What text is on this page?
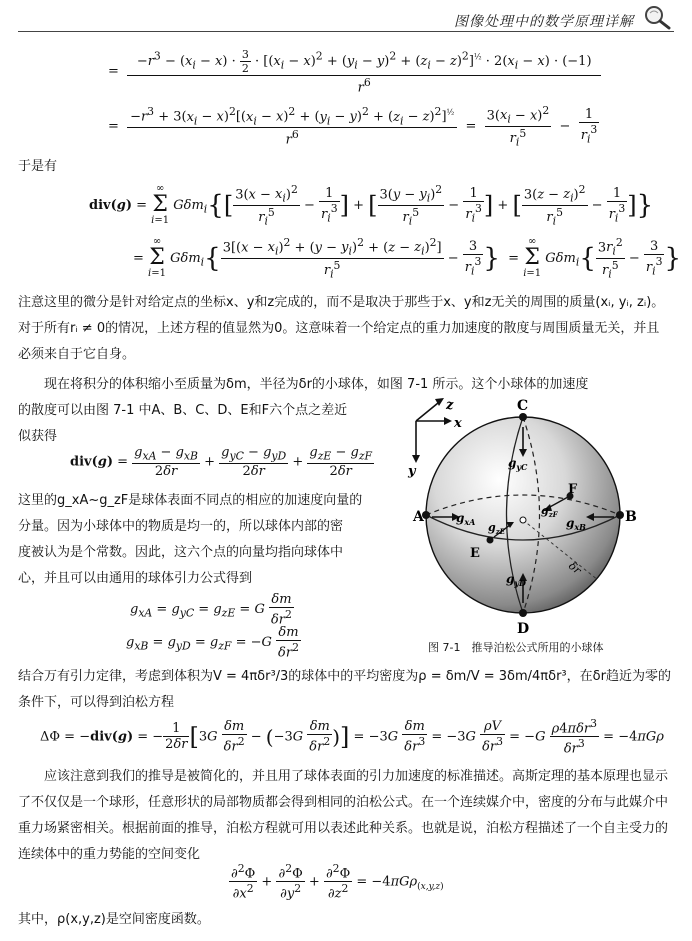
图像处理中的数学原理详解
=
$-r^3 - (x_i - x) \cdot \frac{3}{2} \cdot [(x_i - x)^2 + (y_i - y)^2 + (z_i - z)^2]^{\frac{1}{2}} \cdot 2(x_i - x) \cdot (-1)$
$r^6$
= $\frac{-r^3 + 3(x_i - x)^2[(x_i - x)^2 + (y_i - y)^2 + (z_i - z)^2]^{\frac{1}{2}}}{r^6} = \frac{3(x_i - x)^2}{r_i^5} - \frac{1}{r_i^3}$
于是有
div(g) = ∞
Σ
i=1 $G\delta m_i\{[ \frac{3(x - x_i)^2}{r_i^5} - \frac{1}{r_i^3}$ ] + [ $\frac{3(y - y_i)^2}{r_i^5} - \frac{1}{r_i^3}$ ] + [ $\frac{3(z - z_i)^2}{r_i^5} - \frac{1}{r_i^3}$ ]}
= ∞
Σ
i=1 $G\delta m_i\{ \frac{3[(x - x_i)^2 + (y - y_i)^2 + (z - z_i)^2]}{r_i^5} - \frac{3}{r_i^3}$ }  = ∞
Σ
i=1 $G\delta m_i\{ \frac{3r_i^2}{r_i^5} - \frac{3}{r_i^3}$ }
注意这里的微分是针对给定点的坐标x、y和z完成的，而不是取决于那些于x、y和z无关的周围的质量(xᵢ, yᵢ, zᵢ)。对于所有rᵢ ≠ 0的情况，上述方程的值显然为0。这意味着一个给定点的重力加速度的散度与周围质量无关，并且必须来自于它自身。
现在将积分的体积缩小至质量为δm，半径为δr的小球体，如图 7-1 所示。这个小球体的加速度
的散度可以由图 7-1 中A、B、C、D、E和F六个点之差近
似获得
$div(g) = \frac{g_{xA} - g_{xB}}{2\delta r} + \frac{g_{yC} - g_{yD}}{2\delta r} + \frac{g_{zE} - g_{zF}}{2\delta r}$
这里的g_xA~g_zF是球体表面不同点的相应的加速度向量的
分量。因为小球体中的物质是均一的，所以球体内部的密
度被认为是个常数。因此，这六个点的向量均指向球体中
心，并且可以由通用的球体引力公式得到
$g_{xA} = g_{yC} = g_{zE} = G \frac{\delta m}{\delta r^2}$
$g_{xB} = g_{yD} = g_{zF} = -G \frac{\delta m}{\delta r^2}$
z
x
y
δr
C
D
A	B
E
F
$g_{yC}$
$g_{xA}$ $g_{zE}$
$g_{zF}$
$g_{xB}$
$g_{yD}$
图 7-1　推导泊松公式所用的小球体
结合万有引力定律，考虑到体积为V = 4πδr³/3的球体中的平均密度为ρ = δm/V = 3δm/4πδr³，在δr趋近为零的条件下，可以得到泊松方程
ΔΦ = −div(g) = − $\frac{1}{2\delta r} [3G \frac{\delta m}{\delta r^2} - (-3G \frac{\delta m}{\delta r^2}$ )] = $-3G \frac{\delta m}{\delta r^3} = -3G \frac{\rho V}{\delta r^3} = -G \frac{\rho 4\pi\delta r^3}{\delta r^3} = -4\pi G\rho$
应该注意到我们的推导是被简化的，并且用了球体表面的引力加速度的标准描述。高斯定理的基本原理也显示了不仅仅是一个球形，任意形状的局部物质都会得到相同的泊松公式。在一个连续媒介中，密度的分布与此媒介中重力场紧密相关。根据前面的推导，泊松方程就可用以表述此种关系。也就是说，泊松方程描述了一个自主受力的连续体中的重力势能的空间变化
$\frac{\partial^2\Phi}{\partial x^2} + \frac{\partial^2\Phi}{\partial y^2} + \frac{\partial^2\Phi}{\partial z^2} = -4\pi G\rho_{(x,y,z)}$
其中，ρ(x,y,z)是空间密度函数。
